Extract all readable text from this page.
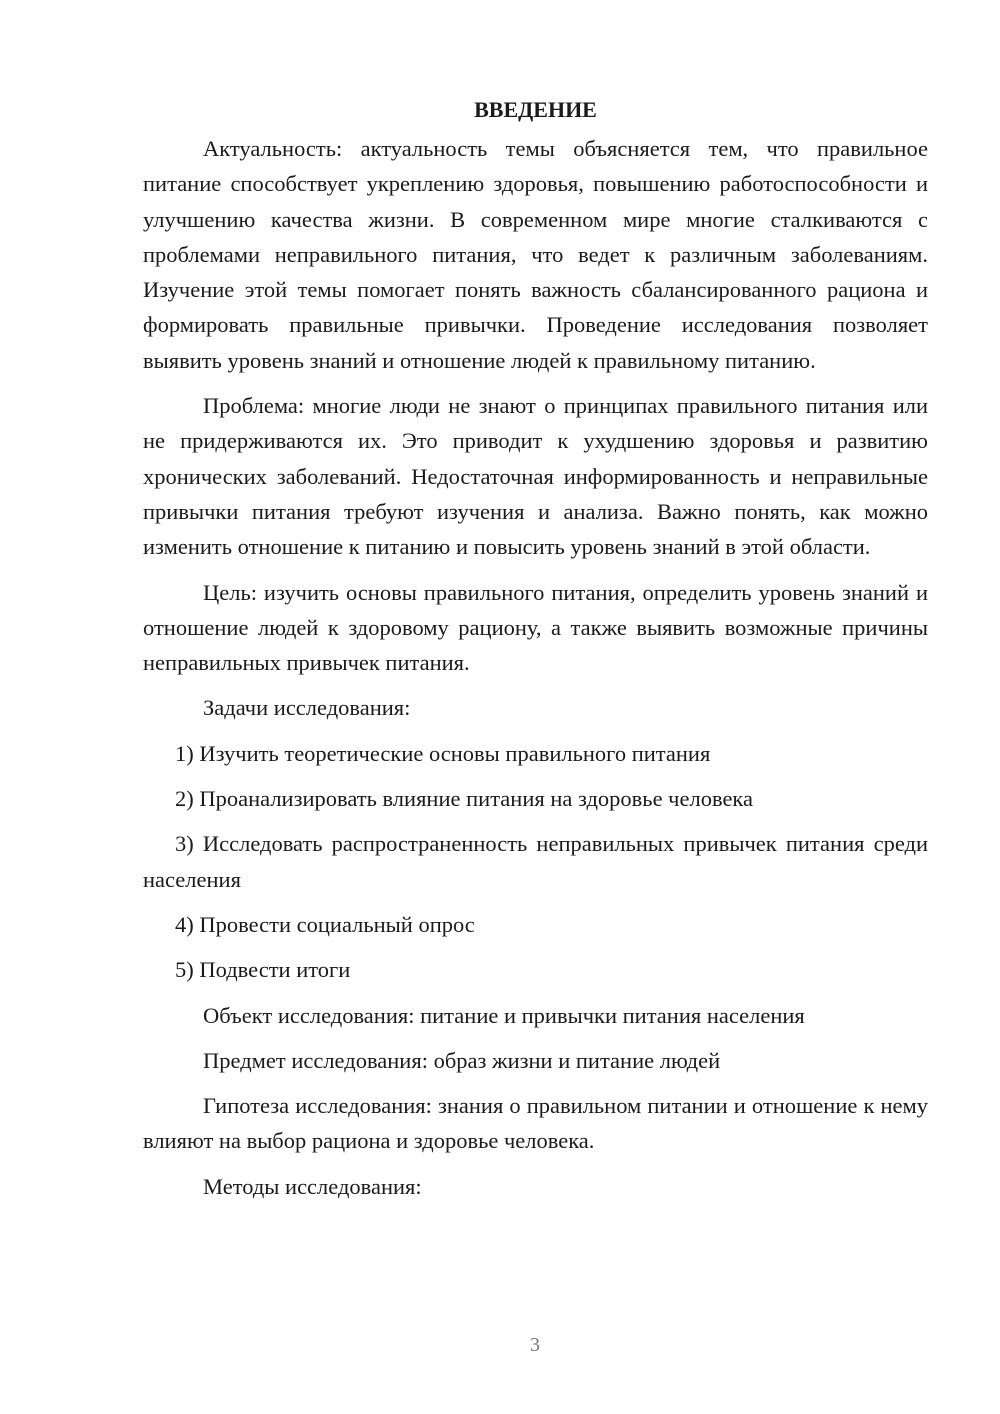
ВВЕДЕНИЕ

Актуальность: актуальность темы объясняется тем, что правильное питание способствует укреплению здоровья, повышению работоспособности и улучшению качества жизни. В современном мире многие сталкиваются с проблемами неправильного питания, что ведет к различным заболеваниям. Изучение этой темы помогает понять важность сбалансированного рациона и формировать правильные привычки. Проведение исследования позволяет выявить уровень знаний и отношение людей к правильному питанию.

Проблема: многие люди не знают о принципах правильного питания или не придерживаются их. Это приводит к ухудшению здоровья и развитию хронических заболеваний. Недостаточная информированность и неправильные привычки питания требуют изучения и анализа. Важно понять, как можно изменить отношение к питанию и повысить уровень знаний в этой области.

Цель: изучить основы правильного питания, определить уровень знаний и отношение людей к здоровому рациону, а также выявить возможные причины неправильных привычек питания.

Задачи исследования:

1) Изучить теоретические основы правильного питания

2) Проанализировать влияние питания на здоровье человека

3) Исследовать распространенность неправильных привычек питания среди населения

4) Провести социальный опрос

5) Подвести итоги

Объект исследования: питание и привычки питания населения

Предмет исследования: образ жизни и питание людей

Гипотеза исследования: знания о правильном питании и отношение к нему влияют на выбор рациона и здоровье человека.

Методы исследования:

3
